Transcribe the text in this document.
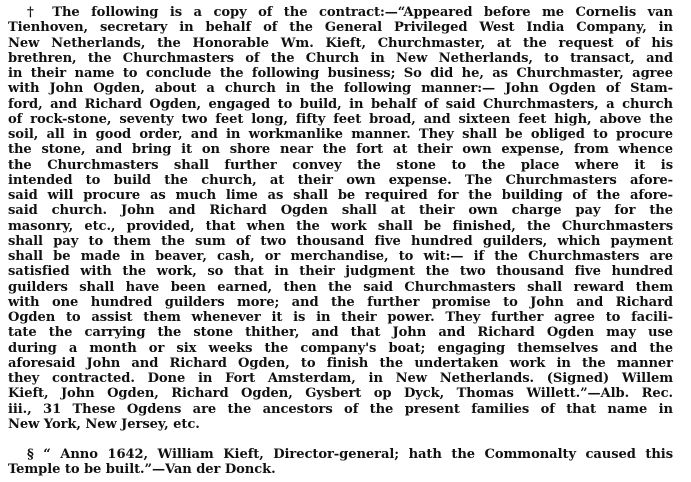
† The following is a copy of the contract:—“Appeared before me Cornelis van
Tienhoven, secretary in behalf of the General Privileged West India Company, in
New Netherlands, the Honorable Wm. Kieft, Churchmaster, at the request of his
brethren, the Churchmasters of the Church in New Netherlands, to transact, and
in their name to conclude the following business; So did he, as Churchmaster, agree
with John Ogden, about a church in the following manner:— John Ogden of Stam-
ford, and Richard Ogden, engaged to build, in behalf of said Churchmasters, a church
of rock-stone, seventy two feet long, fifty feet broad, and sixteen feet high, above the
soil, all in good order, and in workmanlike manner. They shall be obliged to procure
the stone, and bring it on shore near the fort at their own expense, from whence
the Churchmasters shall further convey the stone to the place where it is
intended to build the church, at their own expense. The Churchmasters afore-
said will procure as much lime as shall be required for the building of the afore-
said church. John and Richard Ogden shall at their own charge pay for the
masonry, etc., provided, that when the work shall be finished, the Churchmasters
shall pay to them the sum of two thousand five hundred guilders, which payment
shall be made in beaver, cash, or merchandise, to wit:— if the Churchmasters are
satisfied with the work, so that in their judgment the two thousand five hundred
guilders shall have been earned, then the said Churchmasters shall reward them
with one hundred guilders more; and the further promise to John and Richard
Ogden to assist them whenever it is in their power. They further agree to facili-
tate the carrying the stone thither, and that John and Richard Ogden may use
during a month or six weeks the company's boat; engaging themselves and the
aforesaid John and Richard Ogden, to finish the undertaken work in the manner
they contracted. Done in Fort Amsterdam, in New Netherlands. (Signed) Willem
Kieft, John Ogden, Richard Ogden, Gysbert op Dyck, Thomas Willett.”—Alb. Rec.
iii., 31 These Ogdens are the ancestors of the present families of that name in
New York, New Jersey, etc.
§ “ Anno 1642, William Kieft, Director-general; hath the Commonalty caused this
Temple to be built.”—Van der Donck.
